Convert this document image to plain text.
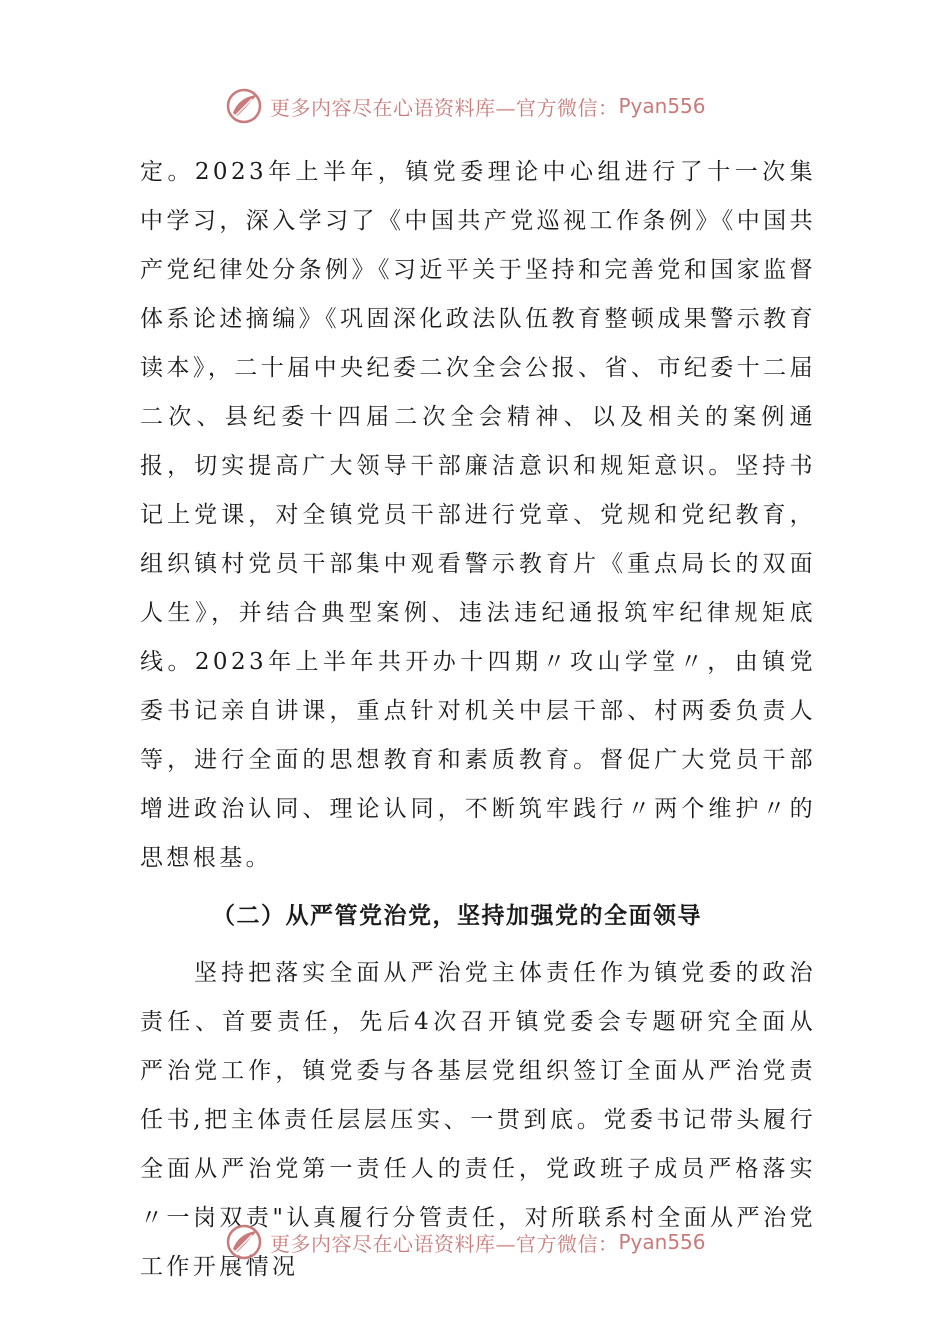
更多内容尽在心语资料库—官方微信： Pyan556

定。2023年上半年，镇党委理论中心组进行了十一次集中学习，深入学习了《中国共产党巡视工作条例》《中国共产党纪律处分条例》《习近平关于坚持和完善党和国家监督体系论述摘编》《巩固深化政法队伍教育整顿成果警示教育读本》，二十届中央纪委二次全会公报、省、市纪委十二届二次、县纪委十四届二次全会精神、以及相关的案例通报，切实提高广大领导干部廉洁意识和规矩意识。坚持书记上党课，对全镇党员干部进行党章、党规和党纪教育，组织镇村党员干部集中观看警示教育片《重点局长的双面人生》，并结合典型案例、违法违纪通报筑牢纪律规矩底线。2023年上半年共开办十四期〃攻山学堂〃，由镇党委书记亲自讲课，重点针对机关中层干部、村两委负责人等，进行全面的思想教育和素质教育。督促广大党员干部增进政治认同、理论认同，不断筑牢践行〃两个维护〃的思想根基。

（二）从严管党治党，坚持加强党的全面领导

坚持把落实全面从严治党主体责任作为镇党委的政治责任、首要责任，先后4次召开镇党委会专题研究全面从严治党工作，镇党委与各基层党组织签订全面从严治党责任书,把主体责任层层压实、一贯到底。党委书记带头履行全面从严治党第一责任人的责任，党政班子成员严格落实〃一岗双责"认真履行分管责任，对所联系村全面从严治党工作开展情况

更多内容尽在心语资料库—官方微信： Pyan556
